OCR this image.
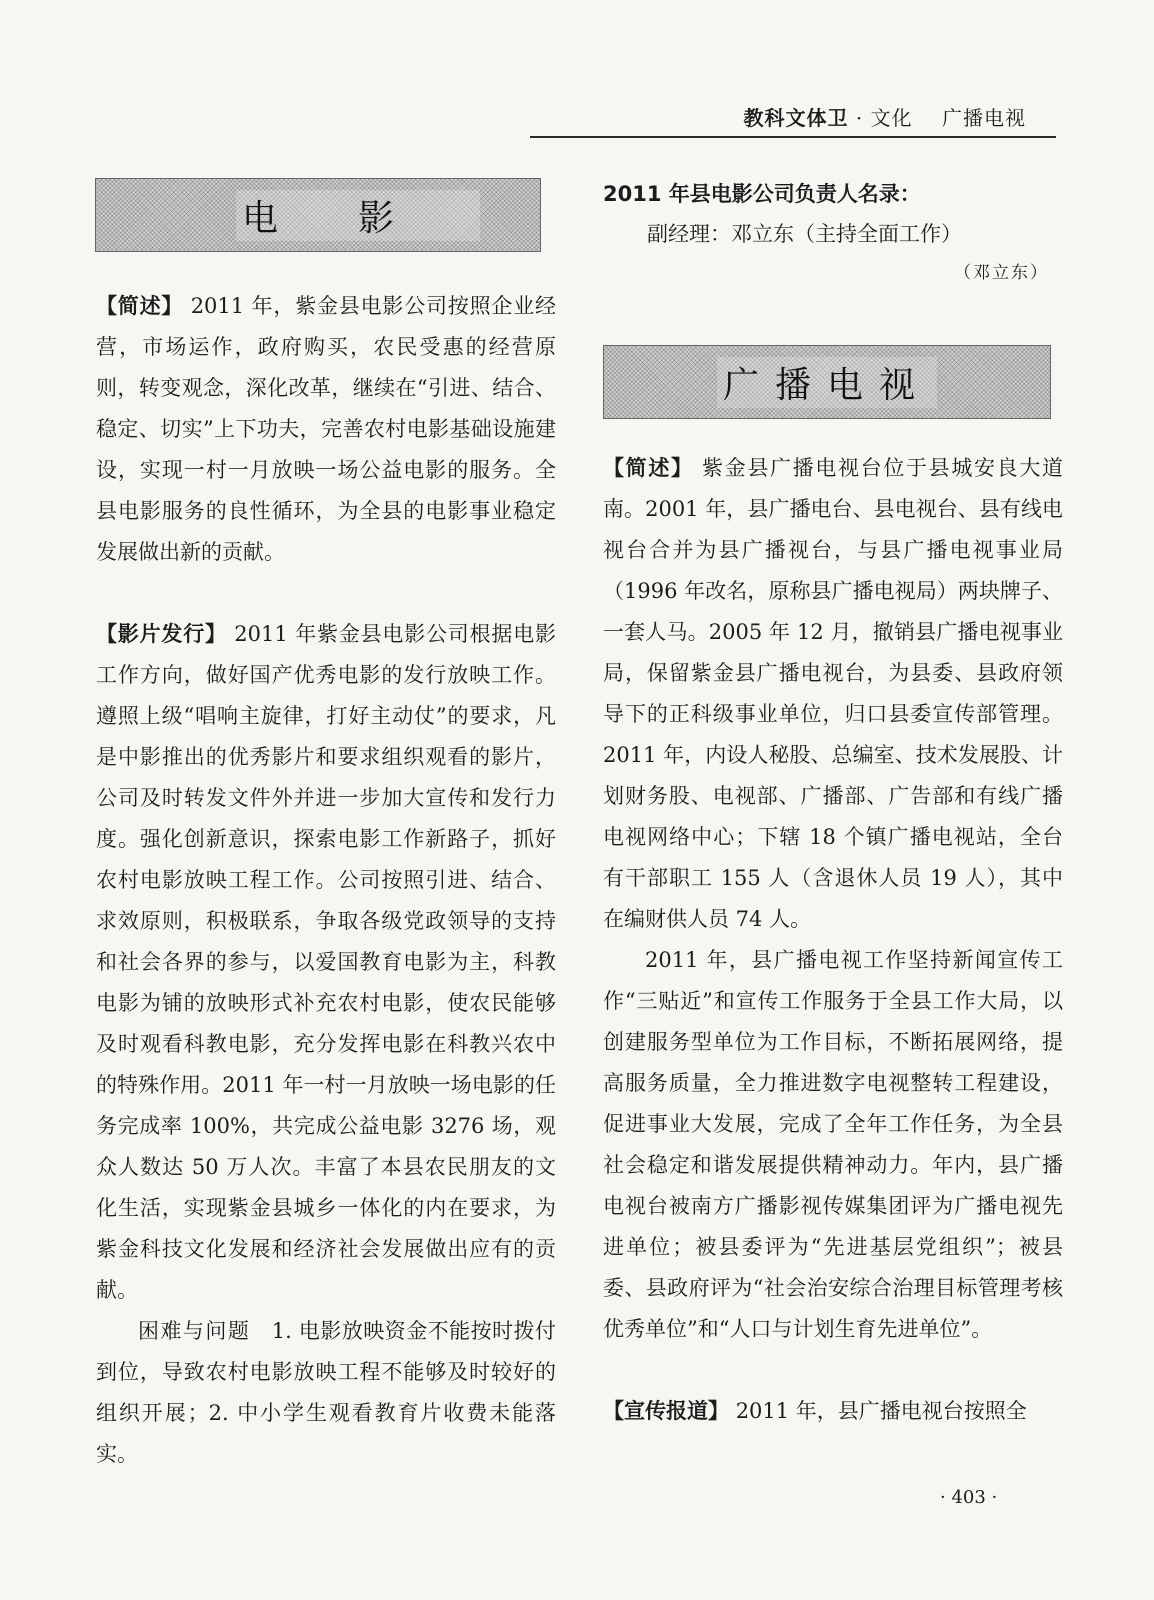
教科文体卫 · 文化 广播电视
电影

【简述】 2011 年，紫金县电影公司按照企业经营，市场运作，政府购买，农民受惠的经营原则，转变观念，深化改革，继续在“引进、结合、稳定、切实”上下功夫，完善农村电影基础设施建设，实现一村一月放映一场公益电影的服务。全县电影服务的良性循环，为全县的电影事业稳定发展做出新的贡献。

【影片发行】 2011 年紫金县电影公司根据电影工作方向，做好国产优秀电影的发行放映工作。遵照上级“唱响主旋律，打好主动仗”的要求，凡是中影推出的优秀影片和要求组织观看的影片，公司及时转发文件外并进一步加大宣传和发行力度。强化创新意识，探索电影工作新路子，抓好农村电影放映工程工作。公司按照引进、结合、求效原则，积极联系，争取各级党政领导的支持和社会各界的参与，以爱国教育电影为主，科教电影为铺的放映形式补充农村电影，使农民能够及时观看科教电影，充分发挥电影在科教兴农中的特殊作用。2011 年一村一月放映一场电影的任务完成率 100%，共完成公益电影 3276 场，观众人数达 50 万人次。丰富了本县农民朋友的文化生活，实现紫金县城乡一体化的内在要求，为紫金科技文化发展和经济社会发展做出应有的贡献。

困难与问题 1. 电影放映资金不能按时拨付到位，导致农村电影放映工程不能够及时较好的组织开展；2. 中小学生观看教育片收费未能落实。

2011 年县电影公司负责人名录：
副经理：邓立东（主持全面工作）
（邓立东）
广播电视

【简述】 紫金县广播电视台位于县城安良大道南。2001 年，县广播电台、县电视台、县有线电视台合并为县广播视台，与县广播电视事业局（1996 年改名，原称县广播电视局）两块牌子、一套人马。2005 年 12 月，撤销县广播电视事业局，保留紫金县广播电视台，为县委、县政府领导下的正科级事业单位，归口县委宣传部管理。2011 年，内设人秘股、总编室、技术发展股、计划财务股、电视部、广播部、广告部和有线广播电视网络中心；下辖 18 个镇广播电视站，全台有干部职工 155 人（含退休人员 19 人），其中在编财供人员 74 人。

2011 年，县广播电视工作坚持新闻宣传工作“三贴近”和宣传工作服务于全县工作大局，以创建服务型单位为工作目标，不断拓展网络，提高服务质量，全力推进数字电视整转工程建设，促进事业大发展，完成了全年工作任务，为全县社会稳定和谐发展提供精神动力。年内，县广播电视台被南方广播影视传媒集团评为广播电视先进单位；被县委评为“先进基层党组织”；被县委、县政府评为“社会治安综合治理目标管理考核优秀单位”和“人口与计划生育先进单位”。

【宣传报道】 2011 年，县广播电视台按照全

· 403 ·
